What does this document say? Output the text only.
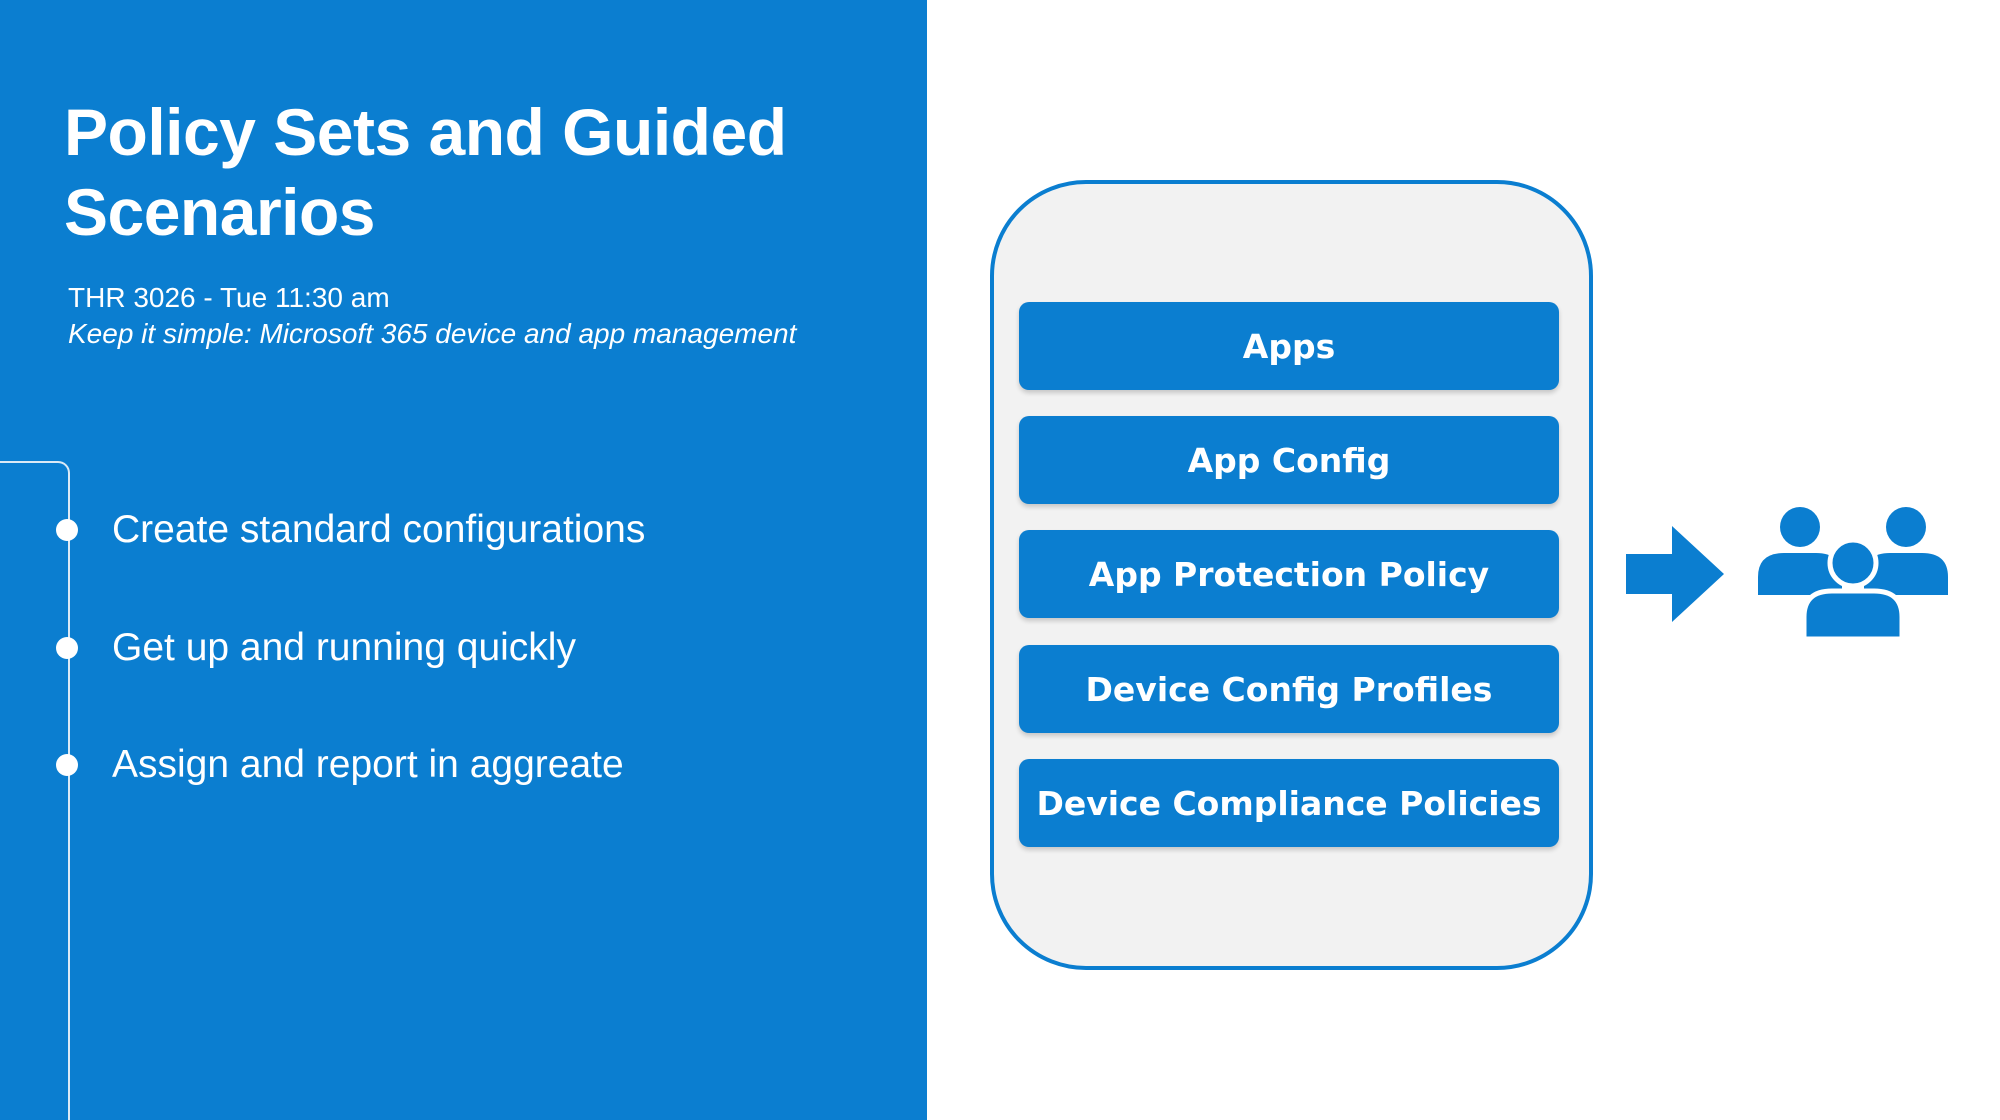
Policy Sets and Guided Scenarios
THR 3026 - Tue 11:30 am
Keep it simple: Microsoft 365 device and app management
Create standard configurations
Get up and running quickly
Assign and report in aggreate
Apps
App Config
App Protection Policy
Device Config Profiles
Device Compliance Policies
